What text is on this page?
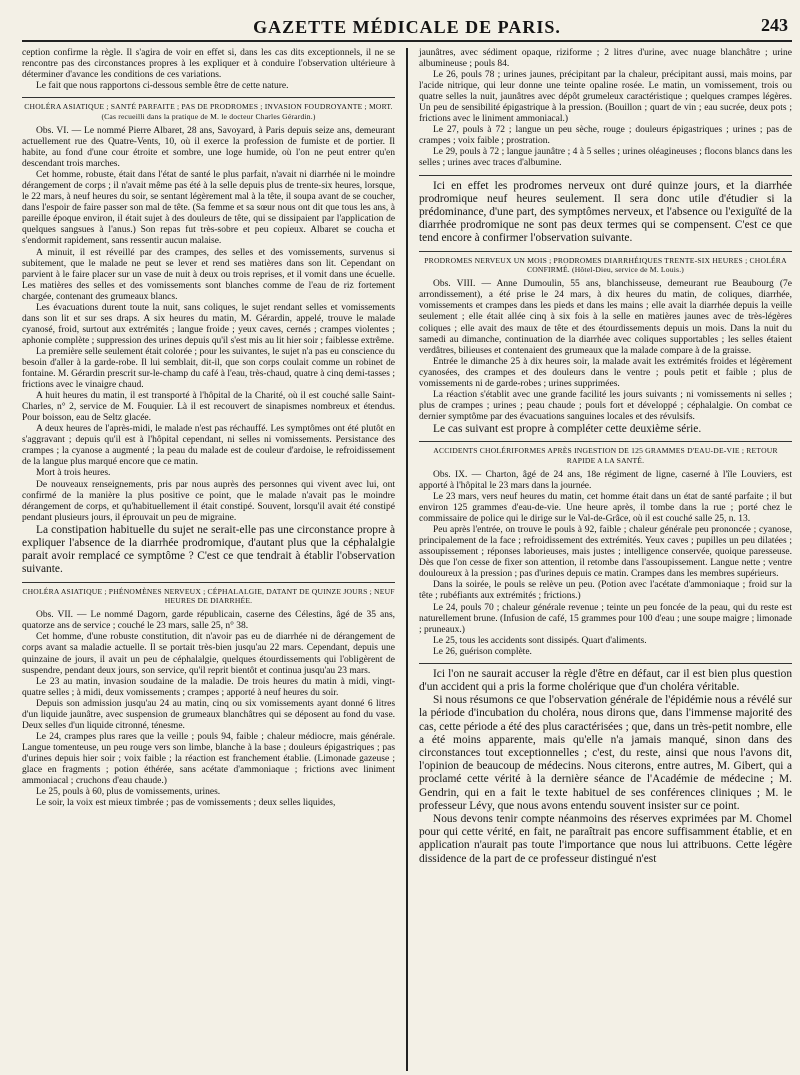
GAZETTE MÉDICALE DE PARIS.	243

ception confirme la règle. Il s'agira de voir en effet si, dans les cas dits exceptionnels, il ne se rencontre pas des circonstances propres à les expliquer et à conduire l'observation ultérieure à déterminer d'avance les conditions de ces variations.

Le fait que nous rapportons ci-dessous semble être de cette nature.

CHOLÉRA ASIATIQUE ; SANTÉ PARFAITE ; PAS DE PRODROMES ; INVASION FOUDROYANTE ; MORT. (Cas recueilli dans la pratique de M. le docteur Charles Gérardin.)

Obs. VI. — Le nommé Pierre Albaret, 28 ans, Savoyard, à Paris depuis seize ans, demeurant actuellement rue des Quatre-Vents, 10, où il exerce la profession de fumiste et de portier. Il habite, au fond d'une cour étroite et sombre, une loge humide, où l'on ne peut entrer qu'en descendant trois marches.

Cet homme, robuste, était dans l'état de santé le plus parfait, n'avait ni diarrhée ni le moindre dérangement de corps ; il n'avait même pas été à la selle depuis plus de trente-six heures, lorsque, le 22 mars, à neuf heures du soir, se sentant légèrement mal à la tête, il soupa avant de se coucher, dans l'espoir de faire passer son mal de tête. (Sa femme et sa sœur nous ont dit que tous les ans, à pareille époque environ, il était sujet à des douleurs de tête, qui se dissipaient par l'application de quelques sangsues à l'anus.) Son repas fut très-sobre et peu copieux. Albaret se coucha et s'endormit rapidement, sans ressentir aucun malaise.

A minuit, il est réveillé par des crampes, des selles et des vomissements, survenus si subitement, que le malade ne peut se lever et rend ses matières dans son lit. Cependant on parvient à le faire placer sur un vase de nuit à deux ou trois reprises, et il vomit dans une écuelle. Les matières des selles et des vomissements sont blanches comme de l'eau de riz fortement chargée, contenant des grumeaux blancs.

Les évacuations durent toute la nuit, sans coliques, le sujet rendant selles et vomissements dans son lit et sur ses draps. A six heures du matin, M. Gérardin, appelé, trouve le malade cyanosé, froid, surtout aux extrémités ; langue froide ; yeux caves, cernés ; crampes violentes ; aphonie complète ; suppression des urines depuis qu'il s'est mis au lit hier soir ; faiblesse extrême.

La première selle seulement était colorée ; pour les suivantes, le sujet n'a pas eu conscience du besoin d'aller à la garde-robe. Il lui semblait, dit-il, que son corps coulait comme un robinet de fontaine. M. Gérardin prescrit sur-le-champ du café à l'eau, très-chaud, quatre à cinq demi-tasses ; frictions avec le vinaigre chaud.

A huit heures du matin, il est transporté à l'hôpital de la Charité, où il est couché salle Saint-Charles, n° 2, service de M. Fouquier. Là il est recouvert de sinapismes nombreux et étendus. Pour boisson, eau de Seltz glacée.

A deux heures de l'après-midi, le malade n'est pas réchauffé. Les symptômes ont été plutôt en s'aggravant ; depuis qu'il est à l'hôpital cependant, ni selles ni vomissements. Persistance des crampes ; la cyanose a augmenté ; la peau du malade est de couleur d'ardoise, le refroidissement de la langue plus marqué encore que ce matin.

Mort à trois heures.

De nouveaux renseignements, pris par nous auprès des personnes qui vivent avec lui, ont confirmé de la manière la plus positive ce point, que le malade n'avait pas le moindre dérangement de corps, et qu'habituellement il était constipé. Souvent, lorsqu'il avait été constipé pendant plusieurs jours, il éprouvait un peu de migraine.

La constipation habituelle du sujet ne serait-elle pas une circonstance propre à expliquer l'absence de la diarrhée prodromique, d'autant plus que la céphalalgie parait avoir remplacé ce symptôme ? C'est ce que tendrait à établir l'observation suivante.

CHOLÉRA ASIATIQUE ; PHÉNOMÈNES NERVEUX ; CÉPHALALGIE, DATANT DE QUINZE JOURS ; NEUF HEURES DE DIARRHÉE.

Obs. VII. — Le nommé Dagorn, garde républicain, caserne des Célestins, âgé de 35 ans, quatorze ans de service ; couché le 23 mars, salle 25, n° 38.

Cet homme, d'une robuste constitution, dit n'avoir pas eu de diarrhée ni de dérangement de corps avant sa maladie actuelle. Il se portait très-bien jusqu'au 22 mars. Cependant, depuis une quinzaine de jours, il avait un peu de céphalalgie, quelques étourdissements qui l'obligèrent de suspendre, pendant deux jours, son service, qu'il reprit bientôt et continua jusqu'au 23 mars.

Le 23 au matin, invasion soudaine de la maladie. De trois heures du matin à midi, vingt-quatre selles ; à midi, deux vomissements ; crampes ; apporté à neuf heures du soir.

Depuis son admission jusqu'au 24 au matin, cinq ou six vomissements ayant donné 6 litres d'un liquide jaunâtre, avec suspension de grumeaux blanchâtres qui se déposent au fond du vase. Deux selles d'un liquide citronné, ténesme.

Le 24, crampes plus rares que la veille ; pouls 94, faible ; chaleur médiocre, mais générale. Langue tomenteuse, un peu rouge vers son limbe, blanche à la base ; douleurs épigastriques ; pas d'urines depuis hier soir ; voix faible ; la réaction est franchement établie. (Limonade gazeuse ; glace en fragments ; potion éthérée, sans acétate d'ammoniaque ; frictions avec liniment ammoniacal ; cruchons d'eau chaude.)

Le 25, pouls à 60, plus de vomissements, urines.

Le soir, la voix est mieux timbrée ; pas de vomissements ; deux selles liquides,

jaunâtres, avec sédiment opaque, riziforme ; 2 litres d'urine, avec nuage blanchâtre ; urine albumineuse ; pouls 84.

Le 26, pouls 78 ; urines jaunes, précipitant par la chaleur, précipitant aussi, mais moins, par l'acide nitrique, qui leur donne une teinte opaline rosée. Le matin, un vomissement, trois ou quatre selles la nuit, jaunâtres avec dépôt grumeleux caractéristique ; quelques crampes légères. Un peu de sensibilité épigastrique à la pression. (Bouillon ; quart de vin ; eau sucrée, deux pots ; frictions avec le liniment ammoniacal.)

Le 27, pouls à 72 ; langue un peu sèche, rouge ; douleurs épigastriques ; urines ; pas de crampes ; voix faible ; prostration.

Le 29, pouls à 72 ; langue jaunâtre ; 4 à 5 selles ; urines oléagineuses ; flocons blancs dans les selles ; urines avec traces d'albumine.

Ici en effet les prodromes nerveux ont duré quinze jours, et la diarrhée prodromique neuf heures seulement. Il sera donc utile d'étudier si la prédominance, d'une part, des symptômes nerveux, et l'absence ou l'exiguïté de la diarrhée prodromique ne sont pas deux termes qui se compensent. C'est ce que tend encore à confirmer l'observation suivante.

PRODROMES NERVEUX UN MOIS ; PRODROMES DIARRHÉIQUES TRENTE-SIX HEURES ; CHOLÉRA CONFIRMÉ. (Hôtel-Dieu, service de M. Louis.)

Obs. VIII. — Anne Dumoulin, 55 ans, blanchisseuse, demeurant rue Beaubourg (7e arrondissement), a été prise le 24 mars, à dix heures du matin, de coliques, diarrhée, vomissements et crampes dans les pieds et dans les mains ; elle avait la diarrhée depuis la veille seulement ; elle était allée cinq à six fois à la selle en matières jaunes avec de très-légères coliques ; elle avait des maux de tête et des étourdissements depuis un mois. Dans la nuit du samedi au dimanche, continuation de la diarrhée avec coliques supportables ; les selles étaient verdâtres, bilieuses et contenaient des grumeaux que la malade compare à de la graisse.

Entrée le dimanche 25 à dix heures soir, la malade avait les extrémités froides et légèrement cyanosées, des crampes et des douleurs dans le ventre ; pouls petit et faible ; plus de vomissements ni de garde-robes ; urines supprimées.

La réaction s'établit avec une grande facilité les jours suivants ; ni vomissements ni selles ; plus de crampes ; urines ; peau chaude ; pouls fort et développé ; céphalalgie. On combat ce dernier symptôme par des évacuations sanguines locales et des révulsifs.

Le cas suivant est propre à compléter cette deuxième série.

ACCIDENTS CHOLÉRIFORMES APRÈS INGESTION DE 125 GRAMMES D'EAU-DE-VIE ; RETOUR RAPIDE A LA SANTÉ.

Obs. IX. — Charton, âgé de 24 ans, 18e régiment de ligne, caserné à l'île Louviers, est apporté à l'hôpital le 23 mars dans la journée.

Le 23 mars, vers neuf heures du matin, cet homme était dans un état de santé parfaite ; il but environ 125 grammes d'eau-de-vie. Une heure après, il tombe dans la rue ; porté chez le commissaire de police qui le dirige sur le Val-de-Grâce, où il est couché salle 25, n. 13.

Peu après l'entrée, on trouve le pouls à 92, faible ; chaleur générale peu prononcée ; cyanose, principalement de la face ; refroidissement des extrémités. Yeux caves ; pupilles un peu dilatées ; assoupissement ; réponses laborieuses, mais justes ; intelligence conservée, quoique paresseuse. Dès que l'on cesse de fixer son attention, il retombe dans l'assoupissement. Langue nette ; ventre douloureux à la pression ; pas d'urines depuis ce matin. Crampes dans les membres supérieurs.

Dans la soirée, le pouls se relève un peu. (Potion avec l'acétate d'ammoniaque ; froid sur la tête ; rubéfiants aux extrémités ; frictions.)

Le 24, pouls 70 ; chaleur générale revenue ; teinte un peu foncée de la peau, qui du reste est naturellement brune. (Infusion de café, 15 grammes pour 100 d'eau ; une soupe maigre ; limonade ; pruneaux.)

Le 25, tous les accidents sont dissipés. Quart d'aliments.

Le 26, guérison complète.

Ici l'on ne saurait accuser la règle d'être en défaut, car il est bien plus question d'un accident qui a pris la forme cholérique que d'un choléra véritable.

Si nous résumons ce que l'observation générale de l'épidémie nous a révélé sur la période d'incubation du choléra, nous dirons que, dans l'immense majorité des cas, cette période a été des plus caractérisées ; que, dans un très-petit nombre, elle a été moins apparente, mais qu'elle n'a jamais manqué, sinon dans des circonstances tout exceptionnelles ; c'est, du reste, ainsi que nous l'avons dit, l'opinion de beaucoup de médecins. Nous citerons, entre autres, M. Gibert, qui a proclamé cette vérité à la dernière séance de l'Académie de médecine ; M. Gendrin, qui en a fait le texte habituel de ses conférences cliniques ; M. le professeur Lévy, que nous avons entendu souvent insister sur ce point.

Nous devons tenir compte néanmoins des réserves exprimées par M. Chomel pour qui cette vérité, en fait, ne paraîtrait pas encore suffisamment établie, et en application n'aurait pas toute l'importance que nous lui attribuons. Cette légère dissidence de la part de ce professeur distingué n'est
